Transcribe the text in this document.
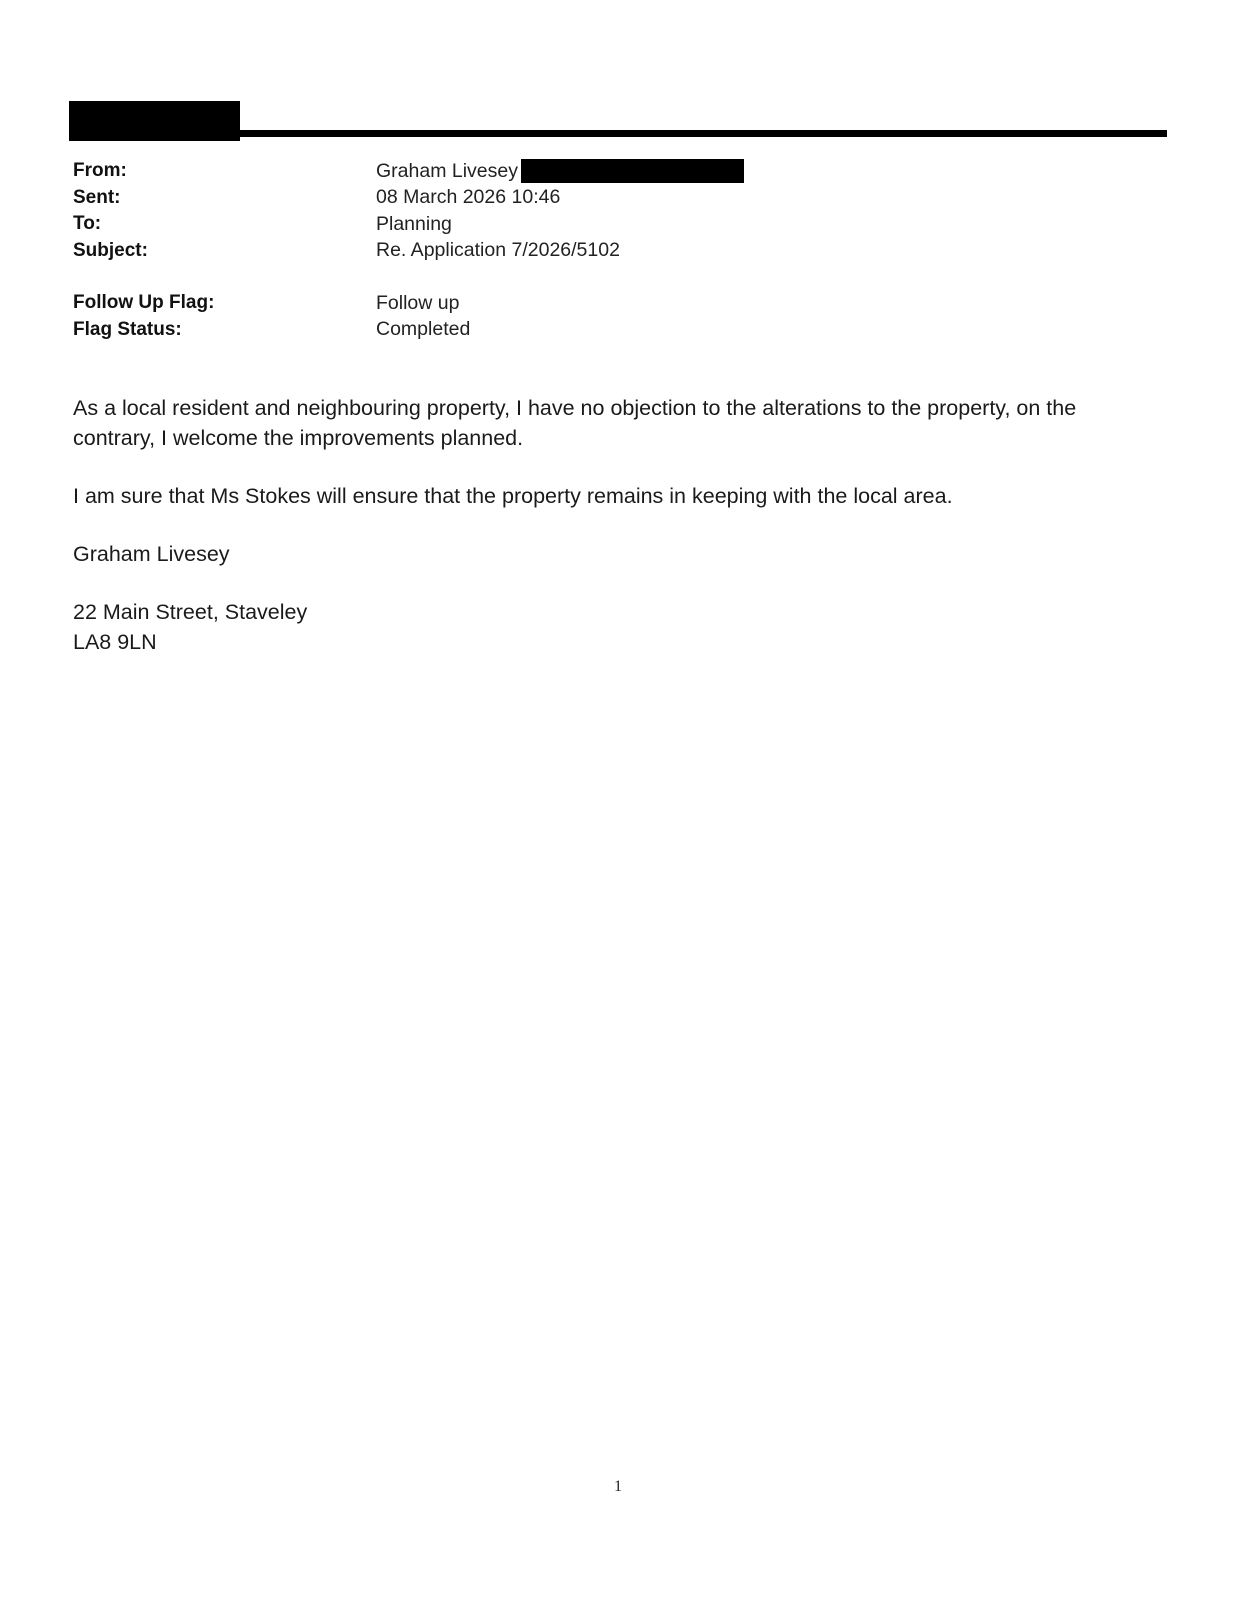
From:	Graham Livesey
Sent:	08 March 2026 10:46
To:	Planning
Subject:	Re. Application 7/2026/5102
Follow Up Flag:	Follow up
Flag Status:	Completed

As a local resident and neighbouring property, I have no objection to the alterations to the property, on the contrary, I welcome the improvements planned.

I am sure that Ms Stokes will ensure that the property remains in keeping with the local area.

Graham Livesey

22 Main Street, Staveley

LA8 9LN

1
